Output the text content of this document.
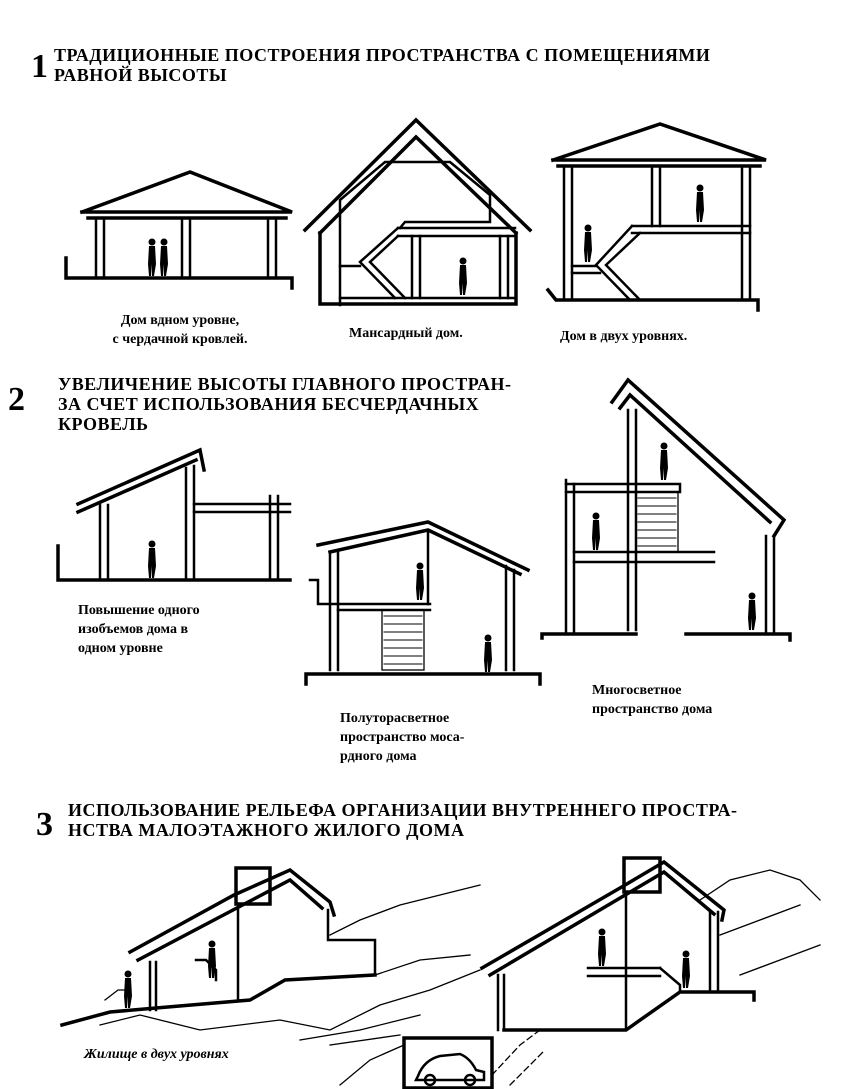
1 ТРАДИЦИОННЫЕ ПОСТРОЕНИЯ ПРОСТРАНСТВА С ПОМЕЩЕНИЯМИ
РАВНОЙ ВЫСОТЫ
Дом вдном уровне,
с чердачной кровлей.	Мансардный дом.	Дом в двух уровнях.
2 УВЕЛИЧЕНИЕ ВЫСОТЫ ГЛАВНОГО ПРОСТРАН-
ЗА СЧЕТ ИСПОЛЬЗОВАНИЯ БЕСЧЕРДАЧНЫХ
КРОВЕЛЬ
Повышение одного
изобъемов дома в
одном уровне
Полуторасветное
пространство моса-
рдного дома
Многосветное
пространство дома
3 ИСПОЛЬЗОВАНИЕ РЕЛЬЕФА ОРГАНИЗАЦИИ ВНУТРЕННЕГО ПРОСТРА-
НСТВА МАЛОЭТАЖНОГО ЖИЛОГО ДОМА
Жилище в двух уровнях
